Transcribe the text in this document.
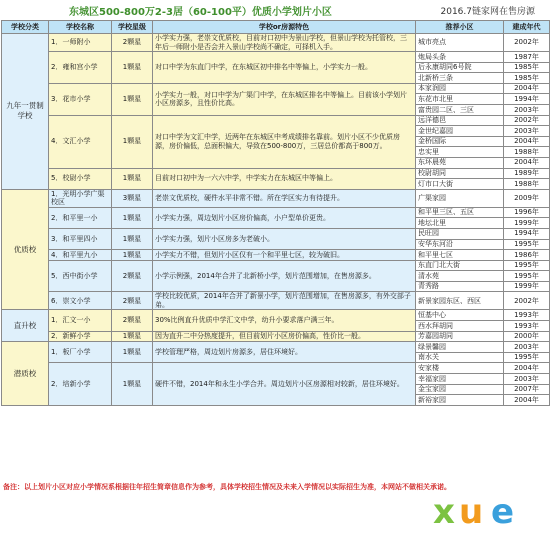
东城区500-800万2-3居（60-100平）优质小学划片小区	2016.7链家网在售房源
学校分类	学校名称	学校星级	学校or房源特色	推荐小区	建成年代
九年一贯制学校	1．一师附小	2颗星	小学实力强，老崇文优质校，目前对口初中为景山学校，但景山学校为托管校，三年后一师附小是否会并入景山学校尚不确定，可择机入手。	城市亮点	2002年
	2．雍和宫小学	1颗星	对口中学为东直门中学，在东城区初中排名中等偏上，小学实力一般。	炮局头条	1987年
				后永康胡同6号院	1985年
				北新桥三条	1985年
	3．花市小学	1颗星	小学实力一般，对口中学为广渠门中学，在东城区排名中等偏上。目前该小学划片小区房源多，且性价比高。	本家润园	2004年
				东花市北里	1994年
				富贵园二区、三区	2003年
	4．文汇小学	1颗星	对口中学为文汇中学，近两年在东城区中考成绩排名靠前。划片小区不少优质房源，房价偏低，总面积偏大，导致在500-800万，三居总价都高于800万。	远洋德邑	2002年
				金世纪嘉园	2003年
				金桥国际	2004年
				忠实里	1988年
				东环晨苑	2004年
	5．校尉小学	1颗星	目前对口初中为一六六中学，中学实力在东城区中等偏上。	校尉胡同	1989年
				灯市口大街	1988年
优质校	1．光明小学广渠校区	3颗星	老崇文优质校，硬件水平非常不错。所在学区实力有待提升。	广渠家园	2009年
	2．和平里一小	1颗星	小学实力强，周边划片小区房价偏高，小户型单价更贵。	和平里三区、五区	1996年
				地坛北里	1999年
	3．和平里四小	1颗星	小学实力强，划片小区房多为老破小。	民旺园	1994年
				安华东河沿	1995年
	4．和平里九小	1颗星	小学实力不错，但划片小区仅有一个和平里七区，较为破旧。	和平里七区	1986年
	5．西中街小学	2颗星	小学示例强，2014年合并了北新桥小学，划片范围增加，在售房源多。	东直门北大街	1995年
				清水苑	1995年
				青秀路	1999年
	6．崇文小学	2颗星	学校比较优质，2014年合并了新景小学，划片范围增加，在售房源多，有外交部子弟。	新景家园东区、西区	2002年
直升校	1．汇文一小	2颗星	30%比例直升优质中学汇文中学，幼升小要求落户满三年。	恒基中心	1993年
				西水拜胡同	1993年
	2．新鲜小学	1颗星	因为直升二中分热度提升，但目前划片小区房价偏高，性价比一般。	芳嘉园胡同	2000年
潜质校	1．板厂小学	1颗星	学校管理严格，周边划片房源多，居住环境好。	绿景馨园	2003年
				南水关	1995年
	2．培新小学	1颗星	硬件不错，2014年和永生小学合并。周边划片小区房源相对较新，居住环境好。	安家楼	2004年
				幸福家园	2003年
				金宝家园	2007年
				新裕家园	2004年
备注：以上划片小区对应小学情况系根据往年招生简章信息作为参考，具体学校招生情况及未来入学情况以实际招生为准，本网站不做相关承诺。
x u e
